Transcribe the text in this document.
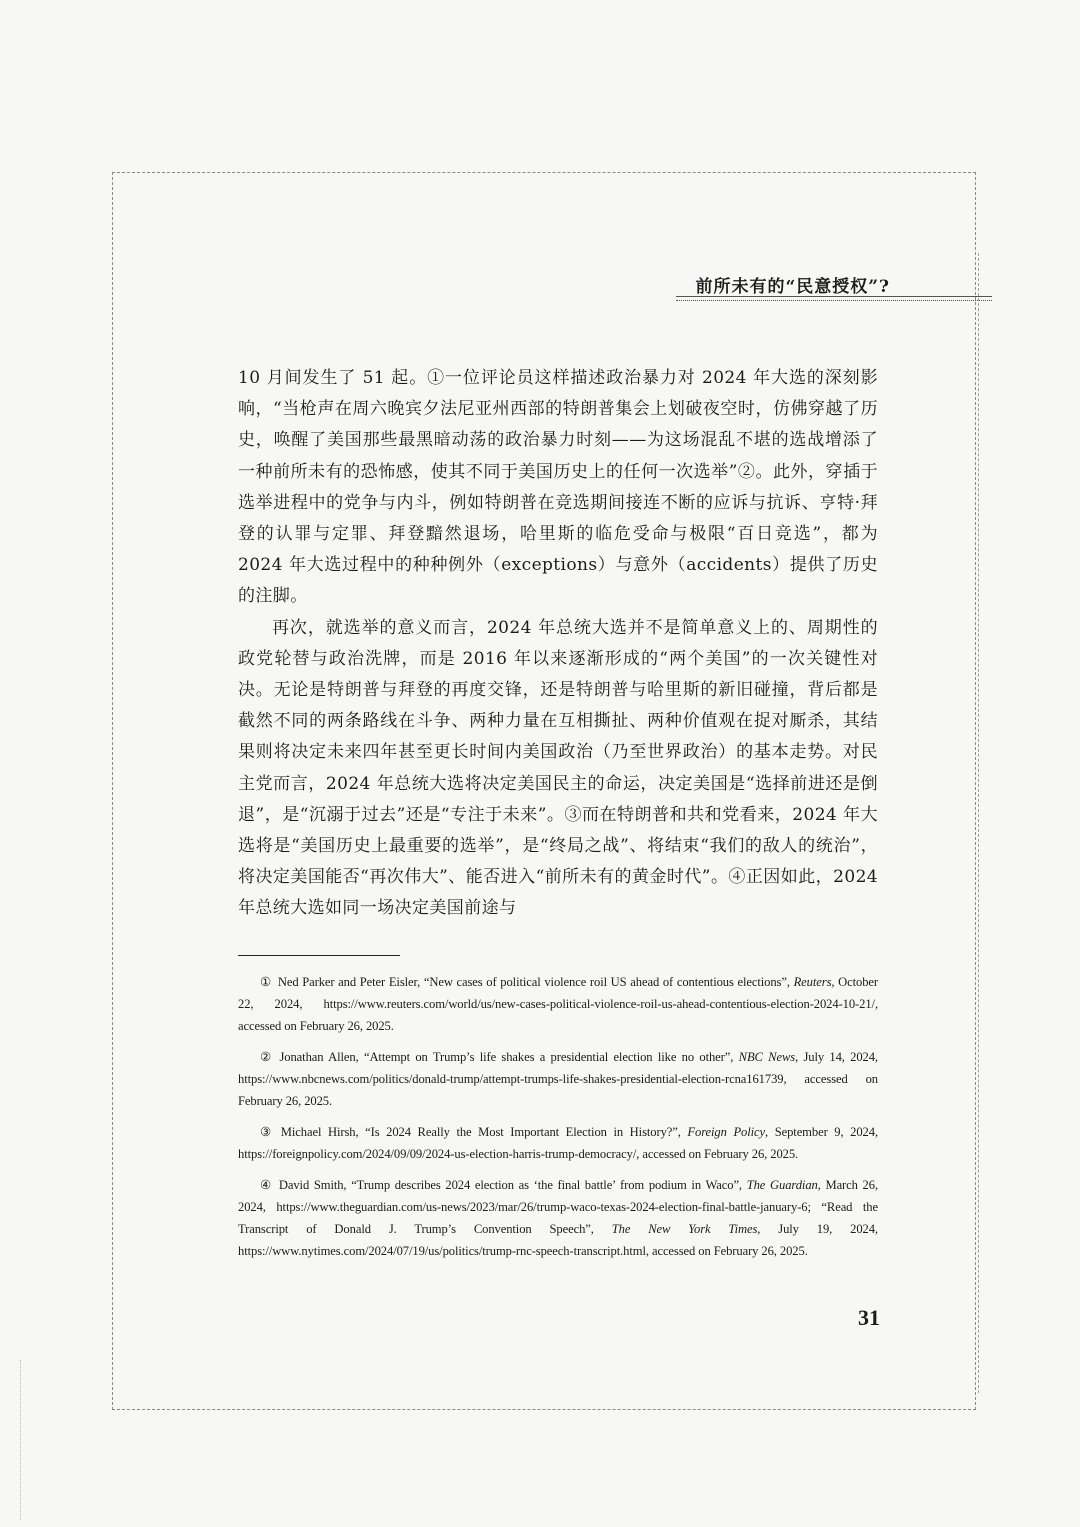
前所未有的“民意授权”?

10 月间发生了 51 起。①一位评论员这样描述政治暴力对 2024 年大选的深刻影响，“当枪声在周六晚宾夕法尼亚州西部的特朗普集会上划破夜空时，仿佛穿越了历史，唤醒了美国那些最黑暗动荡的政治暴力时刻——为这场混乱不堪的选战增添了一种前所未有的恐怖感，使其不同于美国历史上的任何一次选举”②。此外，穿插于选举进程中的党争与内斗，例如特朗普在竞选期间接连不断的应诉与抗诉、亨特·拜登的认罪与定罪、拜登黯然退场，哈里斯的临危受命与极限“百日竞选”，都为 2024 年大选过程中的种种例外（exceptions）与意外（accidents）提供了历史的注脚。

再次，就选举的意义而言，2024 年总统大选并不是简单意义上的、周期性的政党轮替与政治洗牌，而是 2016 年以来逐渐形成的“两个美国”的一次关键性对决。无论是特朗普与拜登的再度交锋，还是特朗普与哈里斯的新旧碰撞，背后都是截然不同的两条路线在斗争、两种力量在互相撕扯、两种价值观在捉对厮杀，其结果则将决定未来四年甚至更长时间内美国政治（乃至世界政治）的基本走势。对民主党而言，2024 年总统大选将决定美国民主的命运，决定美国是“选择前进还是倒退”，是“沉溺于过去”还是“专注于未来”。③而在特朗普和共和党看来，2024 年大选将是“美国历史上最重要的选举”，是“终局之战”、将结束“我们的敌人的统治”，将决定美国能否“再次伟大”、能否进入“前所未有的黄金时代”。④正因如此，2024 年总统大选如同一场决定美国前途与

① Ned Parker and Peter Eisler, “New cases of political violence roil US ahead of contentious elections”, Reuters, October 22, 2024, https://www.reuters.com/world/us/new-cases-political-violence-roil-us-ahead-contentious-election-2024-10-21/, accessed on February 26, 2025.

② Jonathan Allen, “Attempt on Trump’s life shakes a presidential election like no other”, NBC News, July 14, 2024, https://www.nbcnews.com/politics/donald-trump/attempt-trumps-life-shakes-presidential-election-rcna161739, accessed on February 26, 2025.

③ Michael Hirsh, “Is 2024 Really the Most Important Election in History?”, Foreign Policy, September 9, 2024, https://foreignpolicy.com/2024/09/09/2024-us-election-harris-trump-democracy/, accessed on February 26, 2025.

④ David Smith, “Trump describes 2024 election as ‘the final battle’ from podium in Waco”, The Guardian, March 26, 2024, https://www.theguardian.com/us-news/2023/mar/26/trump-waco-texas-2024-election-final-battle-january-6; “Read the Transcript of Donald J. Trump’s Convention Speech”, The New York Times, July 19, 2024, https://www.nytimes.com/2024/07/19/us/politics/trump-rnc-speech-transcript.html, accessed on February 26, 2025.

31
